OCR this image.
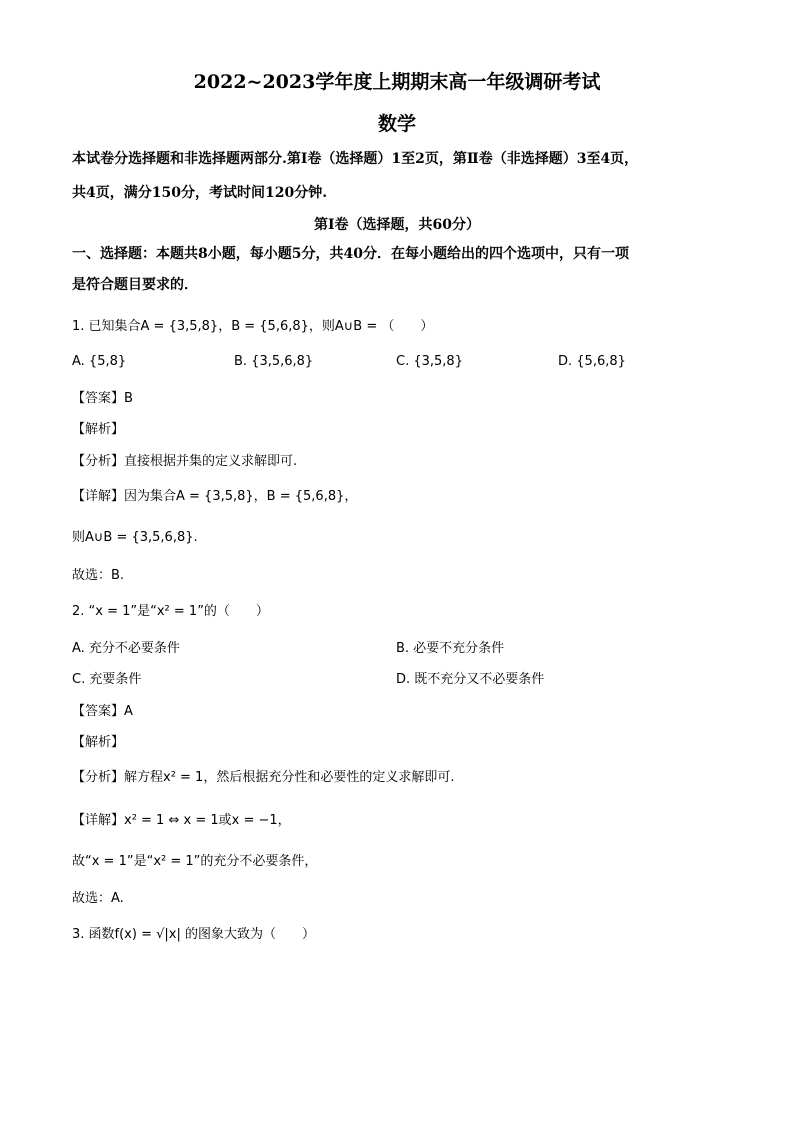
2022~2023学年度上期期末高一年级调研考试
数学
本试卷分选择题和非选择题两部分.第Ⅰ卷（选择题）1至2页，第Ⅱ卷（非选择题）3至4页，
共4页，满分150分，考试时间120分钟.
第Ⅰ卷（选择题，共60分）
一、选择题：本题共8小题，每小题5分，共40分．在每小题给出的四个选项中，只有一项
是符合题目要求的．
1. 已知集合A = {3,5,8}，B = {5,6,8}，则A∪B = （　　）
A. {5,8}	B. {3,5,6,8}	C. {3,5,8}	D. {5,6,8}
【答案】B
【解析】
【分析】直接根据并集的定义求解即可.
【详解】因为集合A = {3,5,8}，B = {5,6,8}，
则A∪B = {3,5,6,8}.
故选：B.
2. “x = 1”是“x² = 1”的（　　）
A. 充分不必要条件	B. 必要不充分条件
C. 充要条件	D. 既不充分又不必要条件
【答案】A
【解析】
【分析】解方程x² = 1，然后根据充分性和必要性的定义求解即可.
【详解】x² = 1 ⇔ x = 1或x = −1，
故“x = 1”是“x² = 1”的充分不必要条件，
故选：A.
3. 函数f(x) = √|x| 的图象大致为（　　）
